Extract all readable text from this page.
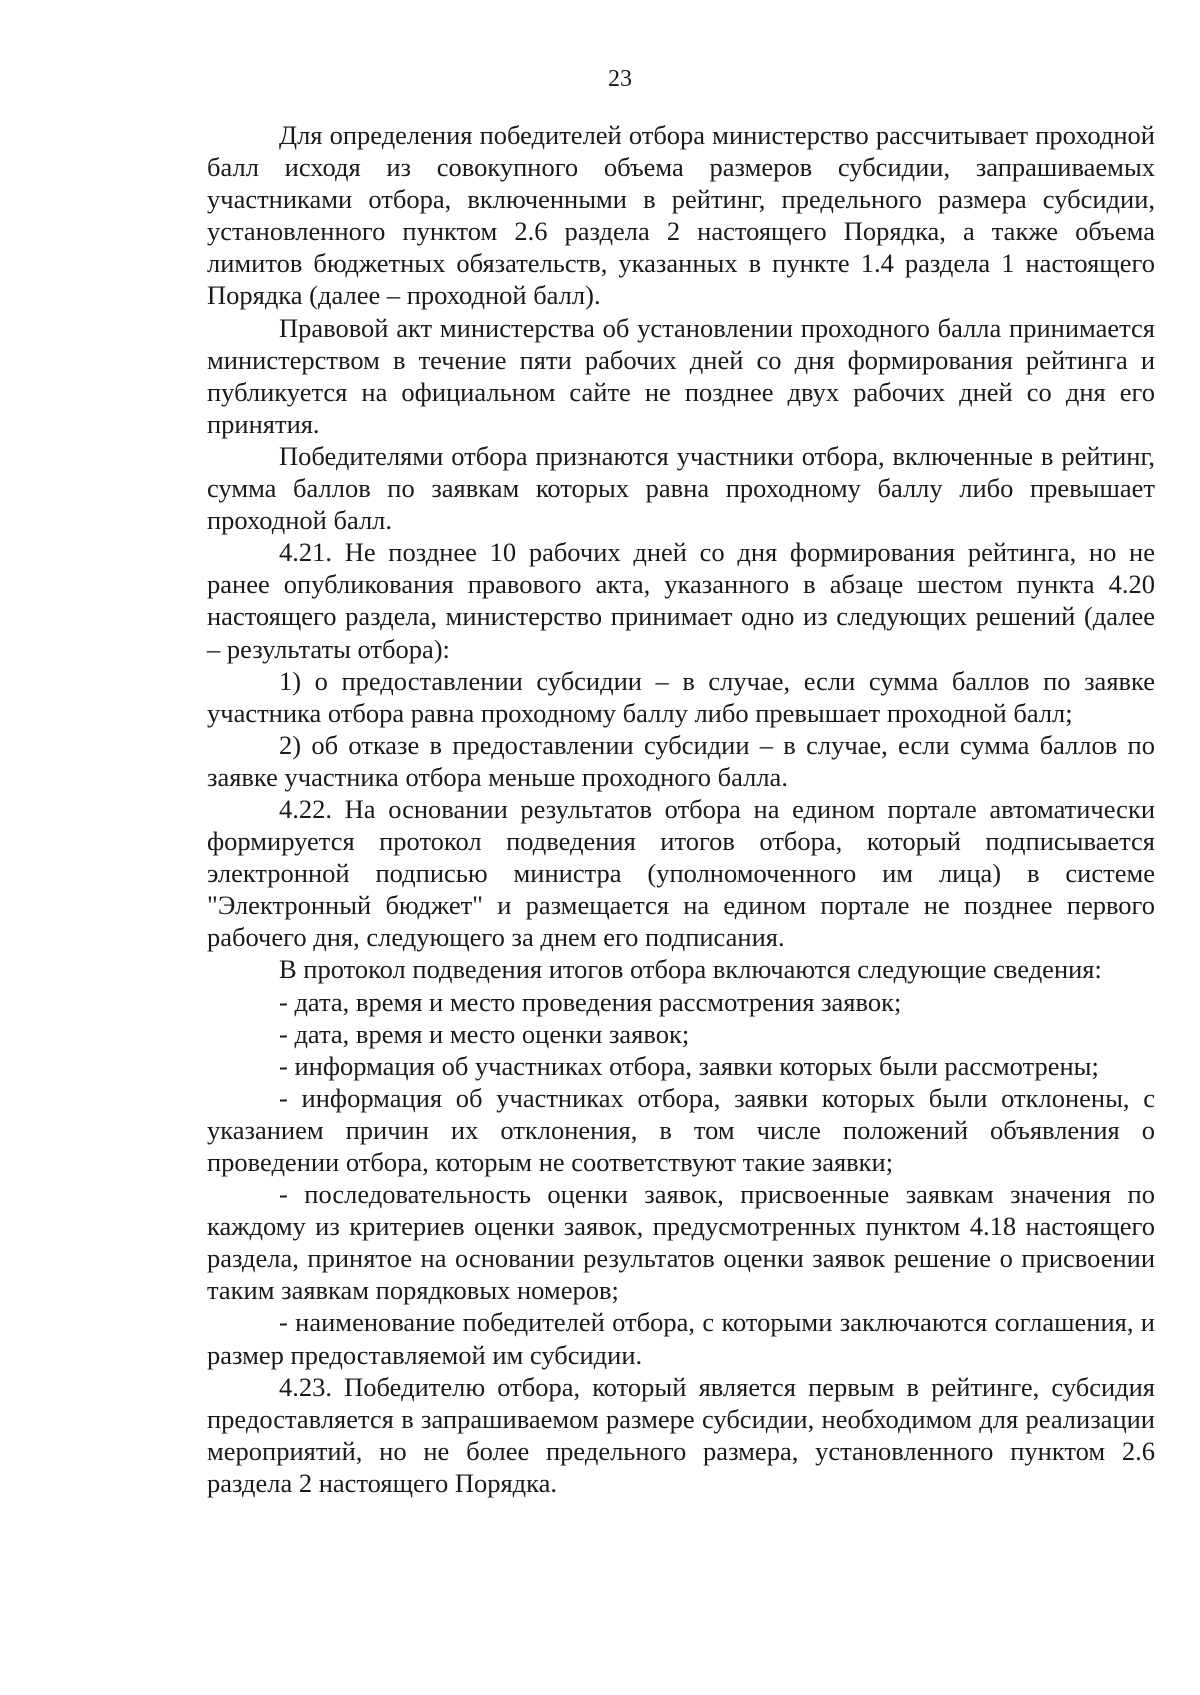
23

Для определения победителей отбора министерство рассчитывает проходной балл исходя из совокупного объема размеров субсидии, запрашиваемых участниками отбора, включенными в рейтинг, предельного размера субсидии, установленного пунктом 2.6 раздела 2 настоящего Порядка, а также объема лимитов бюджетных обязательств, указанных в пункте 1.4 раздела 1 настоящего Порядка (далее – проходной балл).

Правовой акт министерства об установлении проходного балла принимается министерством в течение пяти рабочих дней со дня формирования рейтинга и публикуется на официальном сайте не позднее двух рабочих дней со дня его принятия.

Победителями отбора признаются участники отбора, включенные в рейтинг, сумма баллов по заявкам которых равна проходному баллу либо превышает проходной балл.

4.21. Не позднее 10 рабочих дней со дня формирования рейтинга, но не ранее опубликования правового акта, указанного в абзаце шестом пункта 4.20 настоящего раздела, министерство принимает одно из следующих решений (далее – результаты отбора):

1) о предоставлении субсидии – в случае, если сумма баллов по заявке участника отбора равна проходному баллу либо превышает проходной балл;

2) об отказе в предоставлении субсидии – в случае, если сумма баллов по заявке участника отбора меньше проходного балла.

4.22. На основании результатов отбора на едином портале автоматически формируется протокол подведения итогов отбора, который подписывается электронной подписью министра (уполномоченного им лица) в системе "Электронный бюджет" и размещается на едином портале не позднее первого рабочего дня, следующего за днем его подписания.

В протокол подведения итогов отбора включаются следующие сведения:

- дата, время и место проведения рассмотрения заявок;

- дата, время и место оценки заявок;

- информация об участниках отбора, заявки которых были рассмотрены;

- информация об участниках отбора, заявки которых были отклонены, с указанием причин их отклонения, в том числе положений объявления о проведении отбора, которым не соответствуют такие заявки;

- последовательность оценки заявок, присвоенные заявкам значения по каждому из критериев оценки заявок, предусмотренных пунктом 4.18 настоящего раздела, принятое на основании результатов оценки заявок решение о присвоении таким заявкам порядковых номеров;

- наименование победителей отбора, с которыми заключаются соглашения, и размер предоставляемой им субсидии.

4.23. Победителю отбора, который является первым в рейтинге, субсидия предоставляется в запрашиваемом размере субсидии, необходимом для реализации мероприятий, но не более предельного размера, установленного пунктом 2.6 раздела 2 настоящего Порядка.
